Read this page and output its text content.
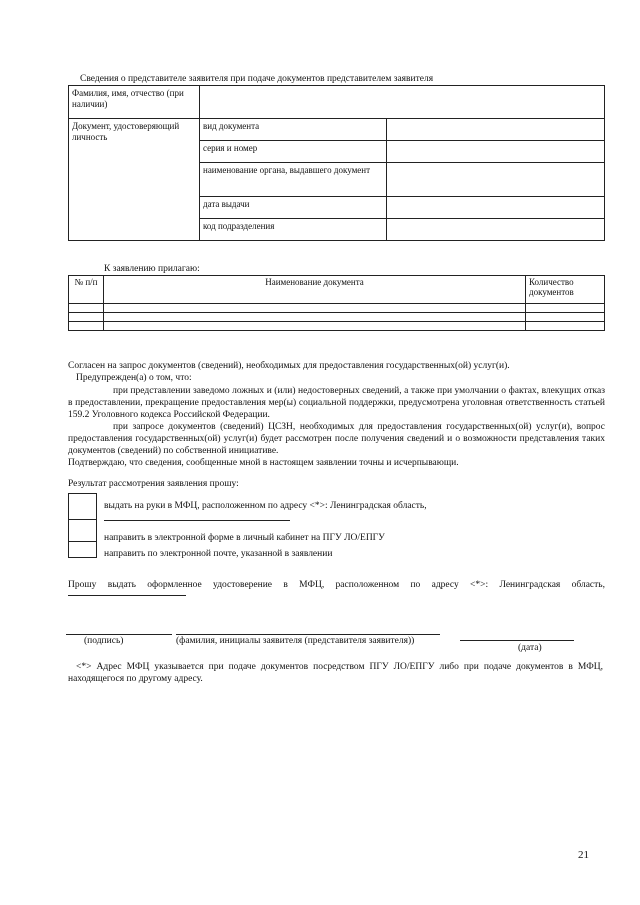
Сведения о представителе заявителя при подаче документов представителем заявителя
Фамилия, имя, отчество (при наличии)		
Документ, удостоверяющий личность	вид документа	
	серия и номер	
	наименование органа, выдавшего документ	
	дата выдачи	
	код подразделения	
К заявлению прилагаю:
№ п/п	Наименование документа	Количество документов

Согласен на запрос документов (сведений), необходимых для предоставления государственных(ой) услуг(и).
Предупрежден(а) о том, что:
при представлении заведомо ложных и (или) недостоверных сведений, а также при умолчании о фактах, влекущих отказ в предоставлении, прекращение предоставления мер(ы) социальной поддержки, предусмотрена уголовная ответственность статьей 159.2 Уголовного кодекса Российской Федерации.
при запросе документов (сведений) ЦСЗН, необходимых для предоставления государственных(ой) услуг(и), вопрос предоставления государственных(ой) услуг(и) будет рассмотрен после получения сведений и о возможности представления таких документов (сведений) по собственной инициативе.
Подтверждаю, что сведения, сообщенные мной в настоящем заявлении точны и исчерпывающи.
Результат рассмотрения заявления прошу:
выдать на руки в МФЦ, расположенном по адресу <*>: Ленинградская область,
направить в электронной форме в личный кабинет на ПГУ ЛО/ЕПГУ
направить по электронной почте, указанной в заявлении
Прошу выдать оформленное удостоверение в МФЦ, расположенном по адресу <*>: Ленинградская область,
(подпись)	(фамилия, инициалы заявителя (представителя заявителя))
(дата)
<*> Адрес МФЦ указывается при подаче документов посредством ПГУ ЛО/ЕПГУ либо при подаче документов в МФЦ, находящегося по другому адресу.
21
